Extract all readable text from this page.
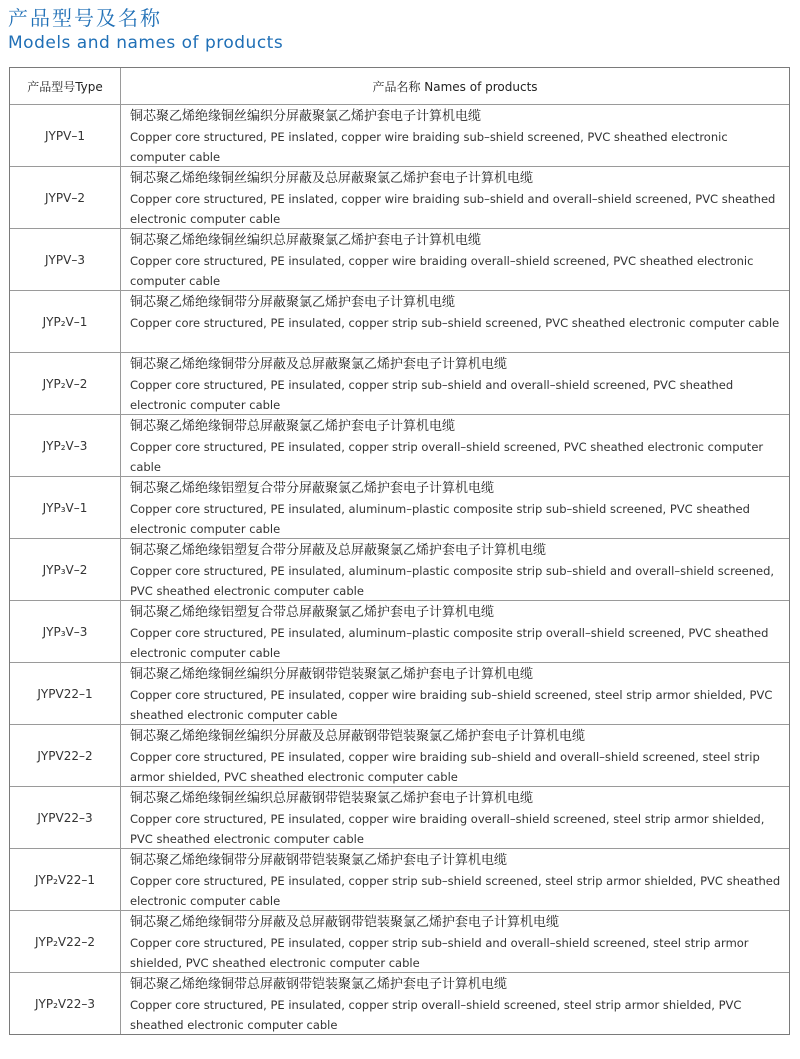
产品型号及名称
Models and names of products
产品型号Type	产品名称 Names of products
JYPV–1
铜芯聚乙烯绝缘铜丝编织分屏蔽聚氯乙烯护套电子计算机电缆
Copper core structured, PE inslated, copper wire braiding sub–shield screened, PVC sheathed electronic computer cable
JYPV–2
铜芯聚乙烯绝缘铜丝编织分屏蔽及总屏蔽聚氯乙烯护套电子计算机电缆
Copper core structured, PE inslated, copper wire braiding sub–shield and overall–shield screened, PVC sheathed electronic computer cable
JYPV–3
铜芯聚乙烯绝缘铜丝编织总屏蔽聚氯乙烯护套电子计算机电缆
Copper core structured, PE insulated, copper wire braiding overall–shield screened, PVC sheathed electronic computer cable
JYP₂V–1
铜芯聚乙烯绝缘铜带分屏蔽聚氯乙烯护套电子计算机电缆
Copper core structured, PE insulated, copper strip sub–shield screened, PVC sheathed electronic computer cable
JYP₂V–2
铜芯聚乙烯绝缘铜带分屏蔽及总屏蔽聚氯乙烯护套电子计算机电缆
Copper core structured, PE insulated, copper strip sub–shield and overall–shield screened, PVC sheathed electronic computer cable
JYP₂V–3
铜芯聚乙烯绝缘铜带总屏蔽聚氯乙烯护套电子计算机电缆
Copper core structured, PE insulated, copper strip overall–shield screened, PVC sheathed electronic computer cable
JYP₃V–1
铜芯聚乙烯绝缘铝塑复合带分屏蔽聚氯乙烯护套电子计算机电缆
Copper core structured, PE insulated, aluminum–plastic composite strip sub–shield screened, PVC sheathed electronic computer cable
JYP₃V–2
铜芯聚乙烯绝缘铝塑复合带分屏蔽及总屏蔽聚氯乙烯护套电子计算机电缆
Copper core structured, PE insulated, aluminum–plastic composite strip sub–shield and overall–shield screened, PVC sheathed electronic computer cable
JYP₃V–3
铜芯聚乙烯绝缘铝塑复合带总屏蔽聚氯乙烯护套电子计算机电缆
Copper core structured, PE insulated, aluminum–plastic composite strip overall–shield screened, PVC sheathed electronic computer cable
JYPV22–1
铜芯聚乙烯绝缘铜丝编织分屏蔽钢带铠装聚氯乙烯护套电子计算机电缆
Copper core structured, PE insulated, copper wire braiding sub–shield screened, steel strip armor shielded, PVC sheathed electronic computer cable
JYPV22–2
铜芯聚乙烯绝缘铜丝编织分屏蔽及总屏蔽钢带铠装聚氯乙烯护套电子计算机电缆
Copper core structured, PE insulated, copper wire braiding sub–shield and overall–shield screened, steel strip armor shielded, PVC sheathed electronic computer cable
JYPV22–3
铜芯聚乙烯绝缘铜丝编织总屏蔽钢带铠装聚氯乙烯护套电子计算机电缆
Copper core structured, PE insulated, copper wire braiding overall–shield screened, steel strip armor shielded, PVC sheathed electronic computer cable
JYP₂V22–1
铜芯聚乙烯绝缘铜带分屏蔽钢带铠装聚氯乙烯护套电子计算机电缆
Copper core structured, PE insulated, copper strip sub–shield screened, steel strip armor shielded, PVC sheathed electronic computer cable
JYP₂V22–2
铜芯聚乙烯绝缘铜带分屏蔽及总屏蔽钢带铠装聚氯乙烯护套电子计算机电缆
Copper core structured, PE insulated, copper strip sub–shield and overall–shield screened, steel strip armor shielded, PVC sheathed electronic computer cable
JYP₂V22–3
铜芯聚乙烯绝缘铜带总屏蔽钢带铠装聚氯乙烯护套电子计算机电缆
Copper core structured, PE insulated, copper strip overall–shield screened, steel strip armor shielded, PVC sheathed electronic computer cable
